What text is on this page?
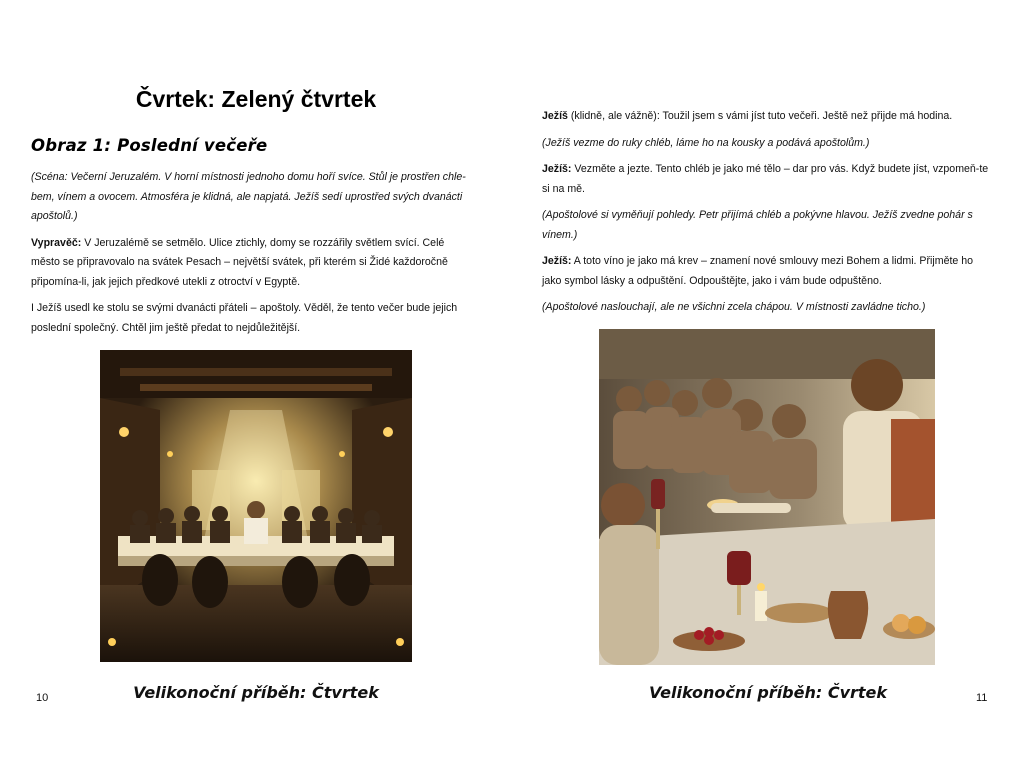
Čvrtek: Zelený čtvrtek
Obraz 1: Poslední večeře

(Scéna: Večerní Jeruzalém. V horní místnosti jednoho domu hoří svíce. Stůl je prostřen chle-bem, vínem a ovocem. Atmosféra je klidná, ale napjatá. Ježíš sedí uprostřed svých dvanácti apoštolů.)

Vypravěč: V Jeruzalémě se setmělo. Ulice ztichly, domy se rozzářily světlem svící. Celé město se připravovalo na svátek Pesach – největší svátek, při kterém si Židé každoročně připomína-li, jak jejich předkové utekli z otroctví v Egyptě.

I Ježíš usedl ke stolu se svými dvanácti přáteli – apoštoly. Věděl, že tento večer bude jejich poslední společný. Chtěl jim ještě předat to nejdůležitější.

Velikonoční příběh: Čtvrtek

10

Ježíš (klidně, ale vážně): Toužil jsem s vámi jíst tuto večeři. Ještě než přijde má hodina.

(Ježíš vezme do ruky chléb, láme ho na kousky a podává apoštolům.)

Ježíš: Vezměte a jezte. Tento chléb je jako mé tělo – dar pro vás. Když budete jíst, vzpomeň-te si na mě.

(Apoštolové si vyměňují pohledy. Petr přijímá chléb a pokývne hlavou. Ježíš zvedne pohár s vínem.)

Ježíš: A toto víno je jako má krev – znamení nové smlouvy mezi Bohem a lidmi. Přijměte ho jako symbol lásky a odpuštění. Odpouštějte, jako i vám bude odpuštěno.

(Apoštolové naslouchají, ale ne všichni zcela chápou. V místnosti zavládne ticho.)

Velikonoční příběh: Čvrtek	11
